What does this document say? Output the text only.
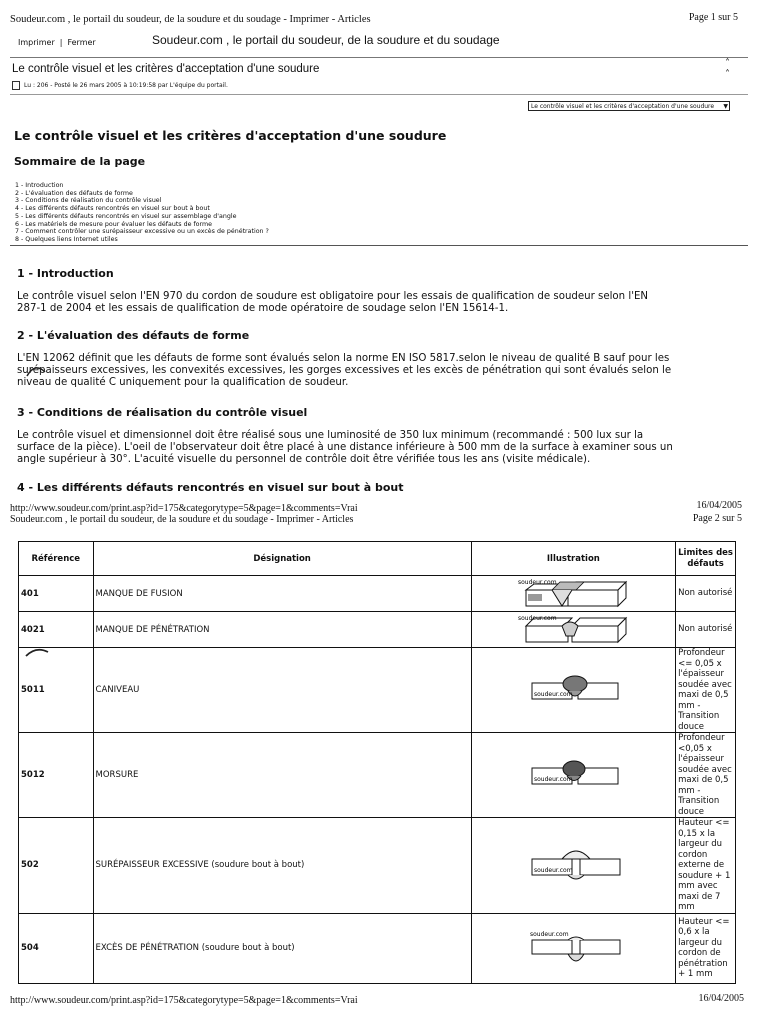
Soudeur.com , le portail du soudeur, de la soudure et du soudage - Imprimer - Articles	Page 1 sur 5
Imprimer | Fermer	Soudeur.com , le portail du soudeur, de la soudure et du soudage
Le contrôle visuel et les critères d'acceptation d'une soudure	˄
˄
Lu : 206 - Posté le 26 mars 2005 à 10:19:58 par L'équipe du portail.
Le contrôle visuel et les critères d'acceptation d'une soudure ▼
Le contrôle visuel et les critères d'acceptation d'une soudure
Sommaire de la page
1 - Introduction
2 - L'évaluation des défauts de forme
3 - Conditions de réalisation du contrôle visuel
4 - Les différents défauts rencontrés en visuel sur bout à bout
5 - Les différents défauts rencontrés en visuel sur assemblage d'angle
6 - Les matériels de mesure pour évaluer les défauts de forme
7 - Comment contrôler une surépaisseur excessive ou un excès de pénétration ?
8 - Quelques liens Internet utiles
1 - Introduction
Le contrôle visuel selon l'EN 970 du cordon de soudure est obligatoire pour les essais de qualification de soudeur selon l'EN
287-1 de 2004 et les essais de qualification de mode opératoire de soudage selon l'EN 15614-1.
2 - L'évaluation des défauts de forme
L'EN 12062 définit que les défauts de forme sont évalués selon la norme EN ISO 5817.selon le niveau de qualité B sauf pour les
surépaisseurs excessives, les convexités excessives, les gorges excessives et les excès de pénétration qui sont évalués selon le
niveau de qualité C uniquement pour la qualification de soudeur.
3 - Conditions de réalisation du contrôle visuel
Le contrôle visuel et dimensionnel doit être réalisé sous une luminosité de 350 lux minimum (recommandé : 500 lux sur la
surface de la pièce). L'oeil de l'observateur doit être placé à une distance inférieure à 500 mm de la surface à examiner sous un
angle supérieur à 30°. L'acuité visuelle du personnel de contrôle doit être vérifiée tous les ans (visite médicale).
4 - Les différents défauts rencontrés en visuel sur bout à bout
http://www.soudeur.com/print.asp?id=175&categorytype=5&page=1&comments=Vrai	16/04/2005
Soudeur.com , le portail du soudeur, de la soudure et du soudage - Imprimer - Articles	Page 2 sur 5
Référence	Désignation	Illustration	Limites des défauts
401	MANQUE DE FUSION	soudeur.com	Non autorisé
4021	MANQUE DE PÉNÉTRATION	soudeur.com	Non autorisé
5011	CANIVEAU	soudeur.com	Profondeur <= 0,05 x l'épaisseur soudée avec maxi de 0,5 mm - Transition douce
5012	MORSURE	soudeur.com	Profondeur <0,05 x l'épaisseur soudée avec maxi de 0,5 mm - Transition douce
502	SURÉPAISSEUR EXCESSIVE (soudure bout à bout)	soudeur.com	Hauteur <= 0,15 x la largeur du cordon externe de soudure + 1 mm avec maxi de 7 mm
504	EXCÈS DE PÉNÉTRATION (soudure bout à bout)	soudeur.com	Hauteur <= 0,6 x la largeur du cordon de pénétration + 1 mm
http://www.soudeur.com/print.asp?id=175&categorytype=5&page=1&comments=Vrai	16/04/2005
